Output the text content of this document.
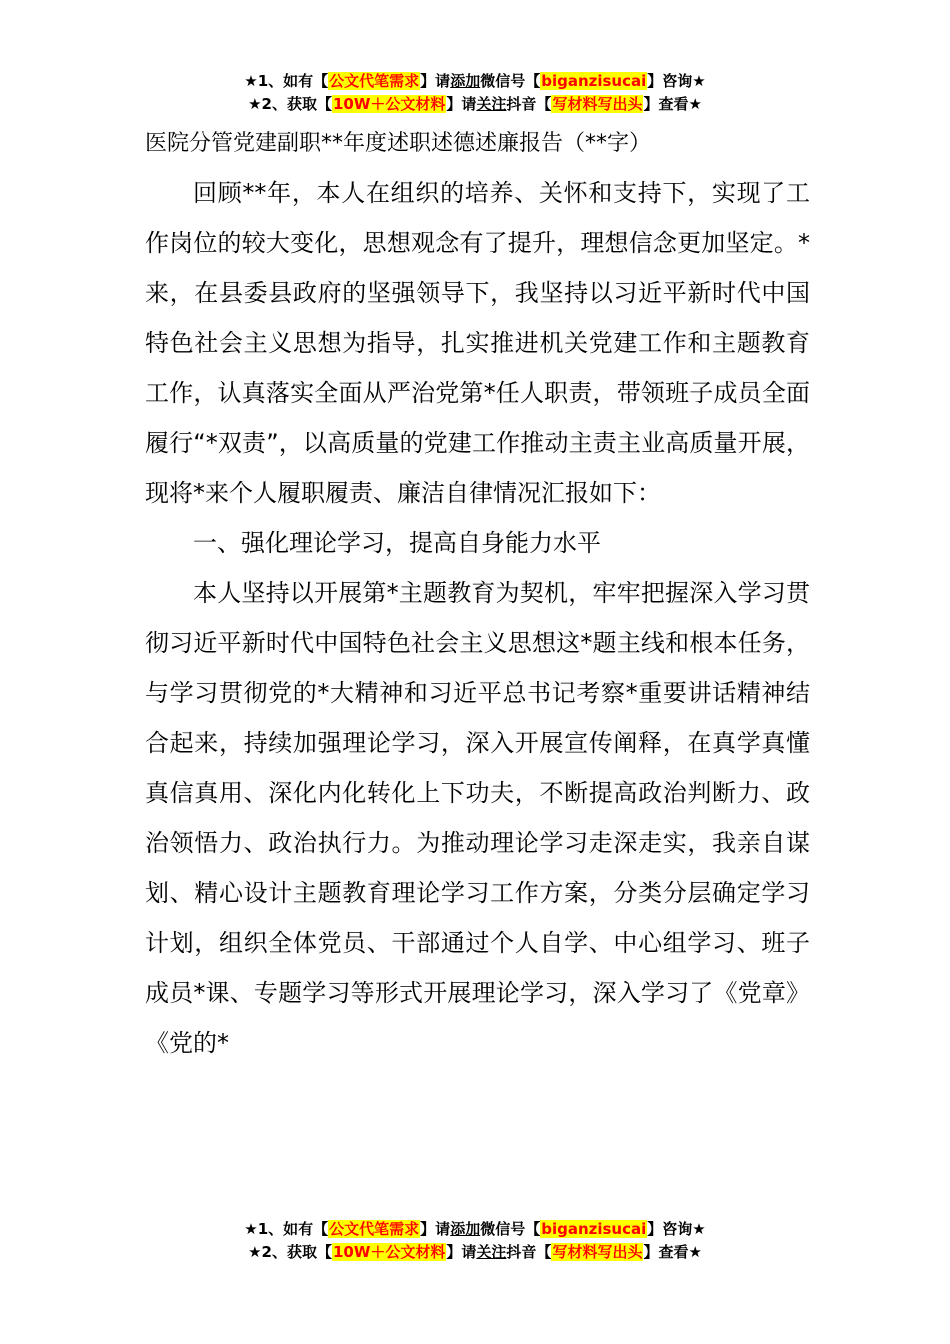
★1、如有【公文代笔需求】请添加微信号【biganzisucai】咨询★
★2、获取【10W＋公文材料】请关注抖音【写材料写出头】查看★

医院分管党建副职**年度述职述德述廉报告（**字）

回顾**年，本人在组织的培养、关怀和支持下，实现了工作岗位的较大变化，思想观念有了提升，理想信念更加坚定。*来，在县委县政府的坚强领导下，我坚持以习近平新时代中国特色社会主义思想为指导，扎实推进机关党建工作和主题教育工作，认真落实全面从严治党第*任人职责，带领班子成员全面履行“*双责”，以高质量的党建工作推动主责主业高质量开展，现将*来个人履职履责、廉洁自律情况汇报如下：

一、强化理论学习，提高自身能力水平

本人坚持以开展第*主题教育为契机，牢牢把握深入学习贯彻习近平新时代中国特色社会主义思想这*题主线和根本任务，与学习贯彻党的*大精神和习近平总书记考察*重要讲话精神结合起来，持续加强理论学习，深入开展宣传阐释，在真学真懂真信真用、深化内化转化上下功夫，不断提高政治判断力、政治领悟力、政治执行力。为推动理论学习走深走实，我亲自谋划、精心设计主题教育理论学习工作方案，分类分层确定学习计划，组织全体党员、干部通过个人自学、中心组学习、班子成员*课、专题学习等形式开展理论学习，深入学习了《党章》《党的*

★1、如有【公文代笔需求】请添加微信号【biganzisucai】咨询★
★2、获取【10W＋公文材料】请关注抖音【写材料写出头】查看★
